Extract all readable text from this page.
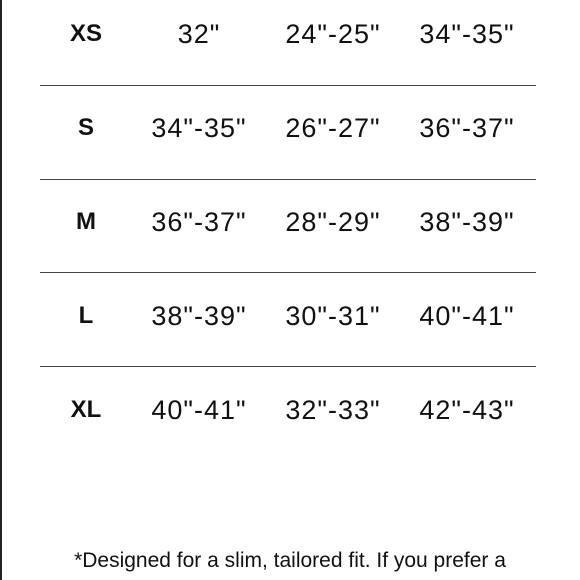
XS	32"	24"-25"	34"-35"
S	34"-35"	26"-27"	36"-37"
M	36"-37"	28"-29"	38"-39"
L	38"-39"	30"-31"	40"-41"
XL	40"-41"	32"-33"	42"-43"
*Designed for a slim, tailored fit. If you prefer a
